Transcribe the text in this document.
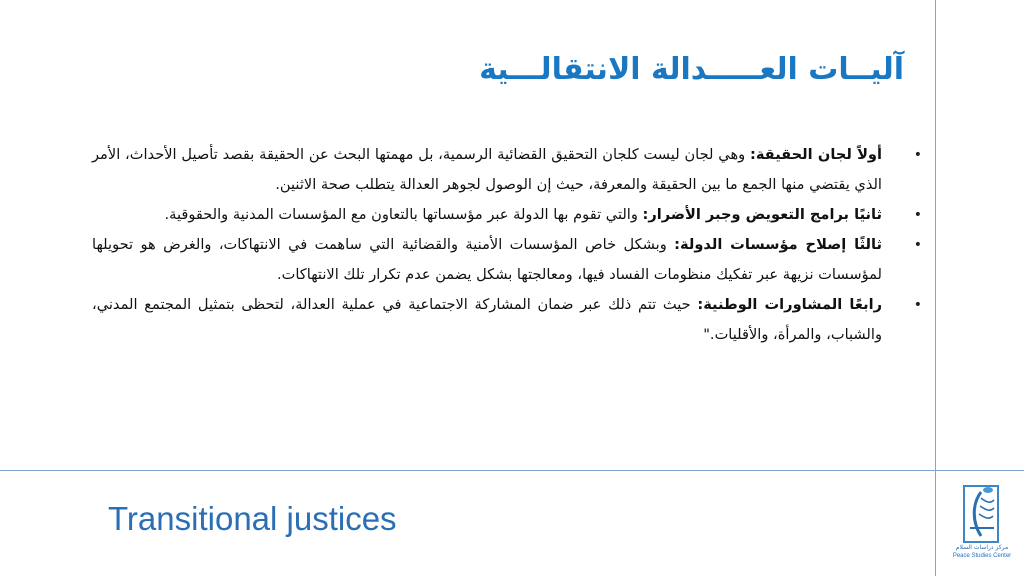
آليــات العـــــدالة الانتقالـــية
•
أولاً لجان الحقيقة: وهي لجان ليست كلجان التحقيق القضائية الرسمية، بل مهمتها البحث عن الحقيقة بقصد تأصيل الأحداث، الأمر الذي يقتضي منها الجمع ما بين الحقيقة والمعرفة، حيث إن الوصول لجوهر العدالة يتطلب صحة الاثنين.
•
ثانيًا برامج التعويض وجبر الأضرار: والتي تقوم بها الدولة عبر مؤسساتها بالتعاون مع المؤسسات المدنية والحقوقية.
•
ثالثًا إصلاح مؤسسات الدولة: وبشكل خاص المؤسسات الأمنية والقضائية التي ساهمت في الانتهاكات، والغرض هو تحويلها لمؤسسات نزيهة عبر تفكيك منظومات الفساد فيها، ومعالجتها بشكل يضمن عدم تكرار تلك الانتهاكات.
•
رابعًا المشاورات الوطنية: حيث تتم ذلك عبر ضمان المشاركة الاجتماعية في عملية العدالة، لتحظى بتمثيل المجتمع المدني، والشباب، والمرأة، والأقليات."
Transitional justices
مركز دراسات السلام
Peace Studies Center
